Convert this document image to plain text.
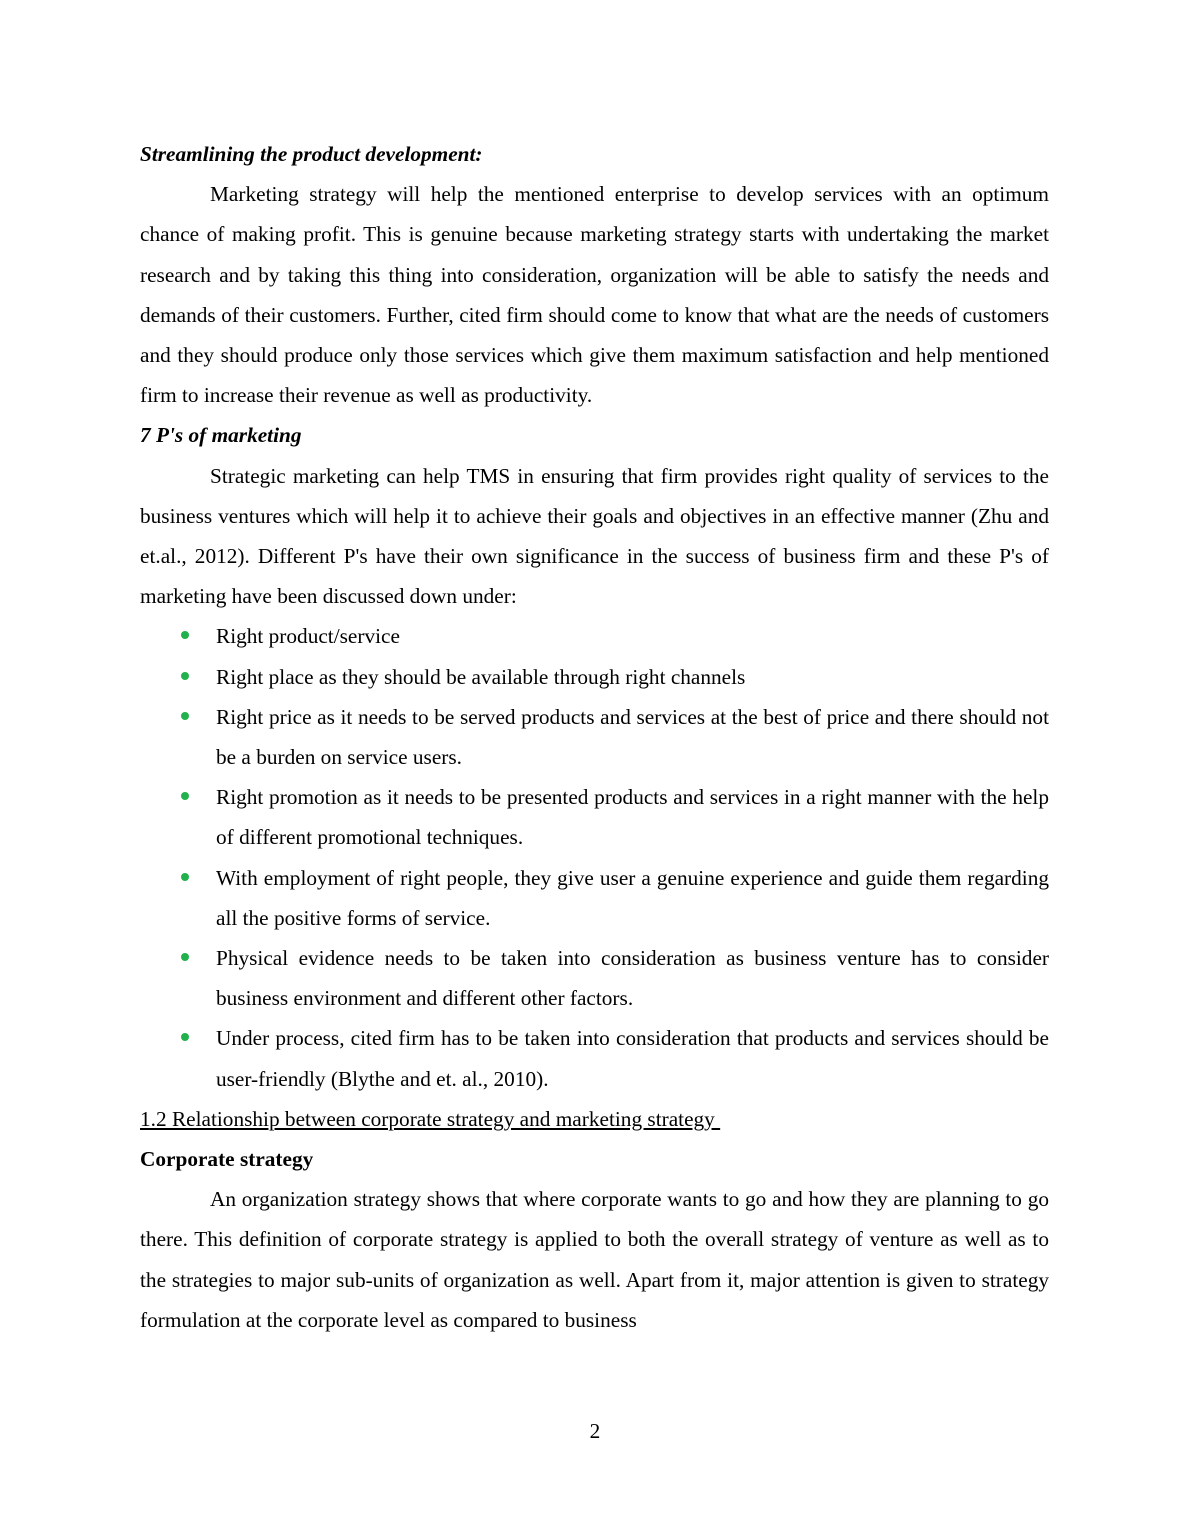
Streamlining the product development:

Marketing strategy will help the mentioned enterprise to develop services with an optimum chance of making profit. This is genuine because marketing strategy starts with undertaking the market research and by taking this thing into consideration, organization will be able to satisfy the needs and demands of their customers. Further, cited firm should come to know that what are the needs of customers and they should produce only those services which give them maximum satisfaction and help mentioned firm to increase their revenue as well as productivity.

7 P's of marketing

Strategic marketing can help TMS in ensuring that firm provides right quality of services to the business ventures which will help it to achieve their goals and objectives in an effective manner (Zhu and et.al., 2012). Different P's have their own significance in the success of business firm and these P's of marketing have been discussed down under:

Right product/service
Right place as they should be available through right channels
Right price as it needs to be served products and services at the best of price and there should not be a burden on service users.
Right promotion as it needs to be presented products and services in a right manner with the help of different promotional techniques.
With employment of right people, they give user a genuine experience and guide them regarding all the positive forms of service.
Physical evidence needs to be taken into consideration as business venture has to consider business environment and different other factors.
Under process, cited firm has to be taken into consideration that products and services should be user-friendly (Blythe and et. al., 2010).

1.2 Relationship between corporate strategy and marketing strategy

Corporate strategy

An organization strategy shows that where corporate wants to go and how they are planning to go there. This definition of corporate strategy is applied to both the overall strategy of venture as well as to the strategies to major sub-units of organization as well. Apart from it, major attention is given to strategy formulation at the corporate level as compared to business

2
